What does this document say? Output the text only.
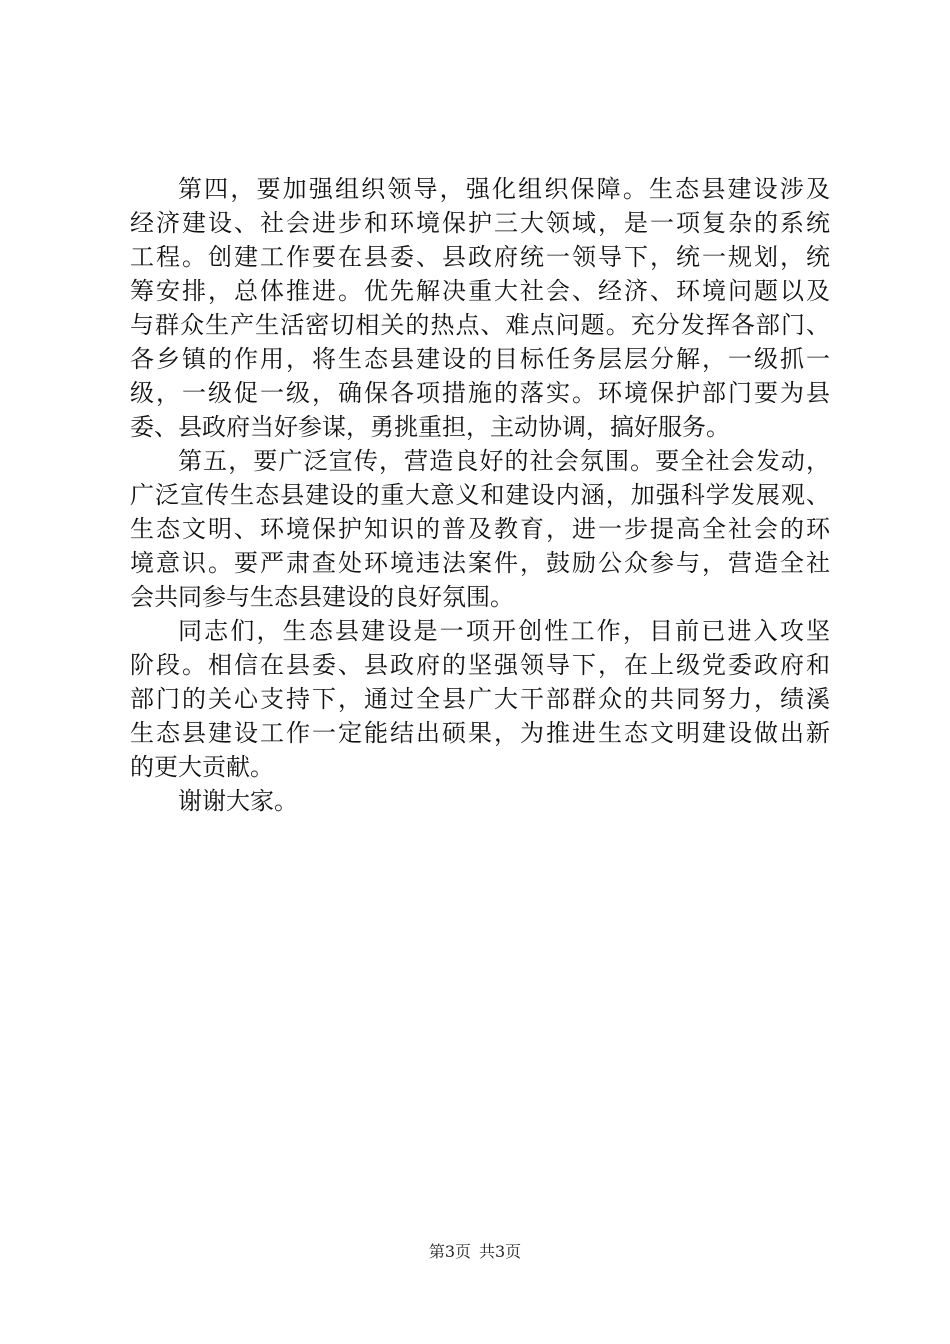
第四，要加强组织领导，强化组织保障。生态县建设涉及
经济建设、社会进步和环境保护三大领域，是一项复杂的系统
工程。创建工作要在县委、县政府统一领导下，统一规划，统
筹安排，总体推进。优先解决重大社会、经济、环境问题以及
与群众生产生活密切相关的热点、难点问题。充分发挥各部门、
各乡镇的作用，将生态县建设的目标任务层层分解，一级抓一
级，一级促一级，确保各项措施的落实。环境保护部门要为县
委、县政府当好参谋，勇挑重担，主动协调，搞好服务。
第五，要广泛宣传，营造良好的社会氛围。要全社会发动，
广泛宣传生态县建设的重大意义和建设内涵，加强科学发展观、
生态文明、环境保护知识的普及教育，进一步提高全社会的环
境意识。要严肃查处环境违法案件，鼓励公众参与，营造全社
会共同参与生态县建设的良好氛围。
同志们，生态县建设是一项开创性工作，目前已进入攻坚
阶段。相信在县委、县政府的坚强领导下，在上级党委政府和
部门的关心支持下，通过全县广大干部群众的共同努力，绩溪
生态县建设工作一定能结出硕果，为推进生态文明建设做出新
的更大贡献。
谢谢大家。
第3页 共3页
